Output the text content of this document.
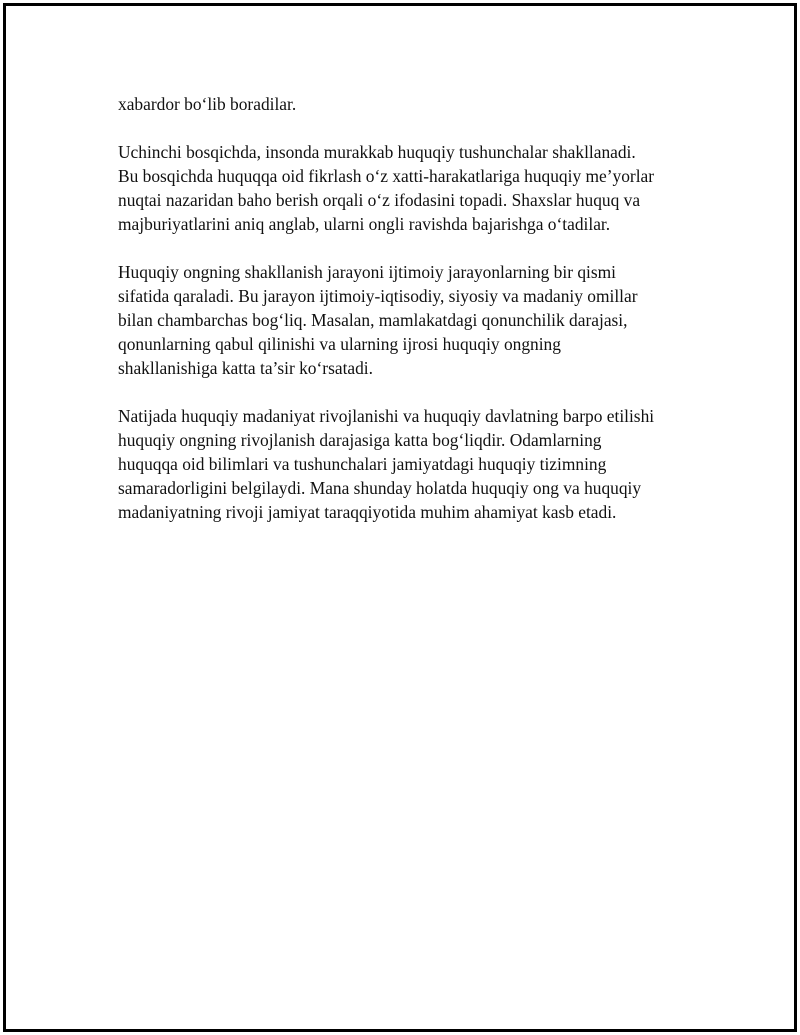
xabardor bo‘lib boradilar.

Uchinchi bosqichda, insonda murakkab huquqiy tushunchalar shakllanadi.
Bu bosqichda huquqqa oid fikrlash o‘z xatti-harakatlariga huquqiy me’yorlar
nuqtai nazaridan baho berish orqali o‘z ifodasini topadi. Shaxslar huquq va
majburiyatlarini aniq anglab, ularni ongli ravishda bajarishga o‘tadilar.

Huquqiy ongning shakllanish jarayoni ijtimoiy jarayonlarning bir qismi
sifatida qaraladi. Bu jarayon ijtimoiy-iqtisodiy, siyosiy va madaniy omillar
bilan chambarchas bog‘liq. Masalan, mamlakatdagi qonunchilik darajasi,
qonunlarning qabul qilinishi va ularning ijrosi huquqiy ongning
shakllanishiga katta ta’sir ko‘rsatadi.

Natijada huquqiy madaniyat rivojlanishi va huquqiy davlatning barpo etilishi
huquqiy ongning rivojlanish darajasiga katta bog‘liqdir. Odamlarning
huquqqa oid bilimlari va tushunchalari jamiyatdagi huquqiy tizimning
samaradorligini belgilaydi. Mana shunday holatda huquqiy ong va huquqiy
madaniyatning rivoji jamiyat taraqqiyotida muhim ahamiyat kasb etadi.
